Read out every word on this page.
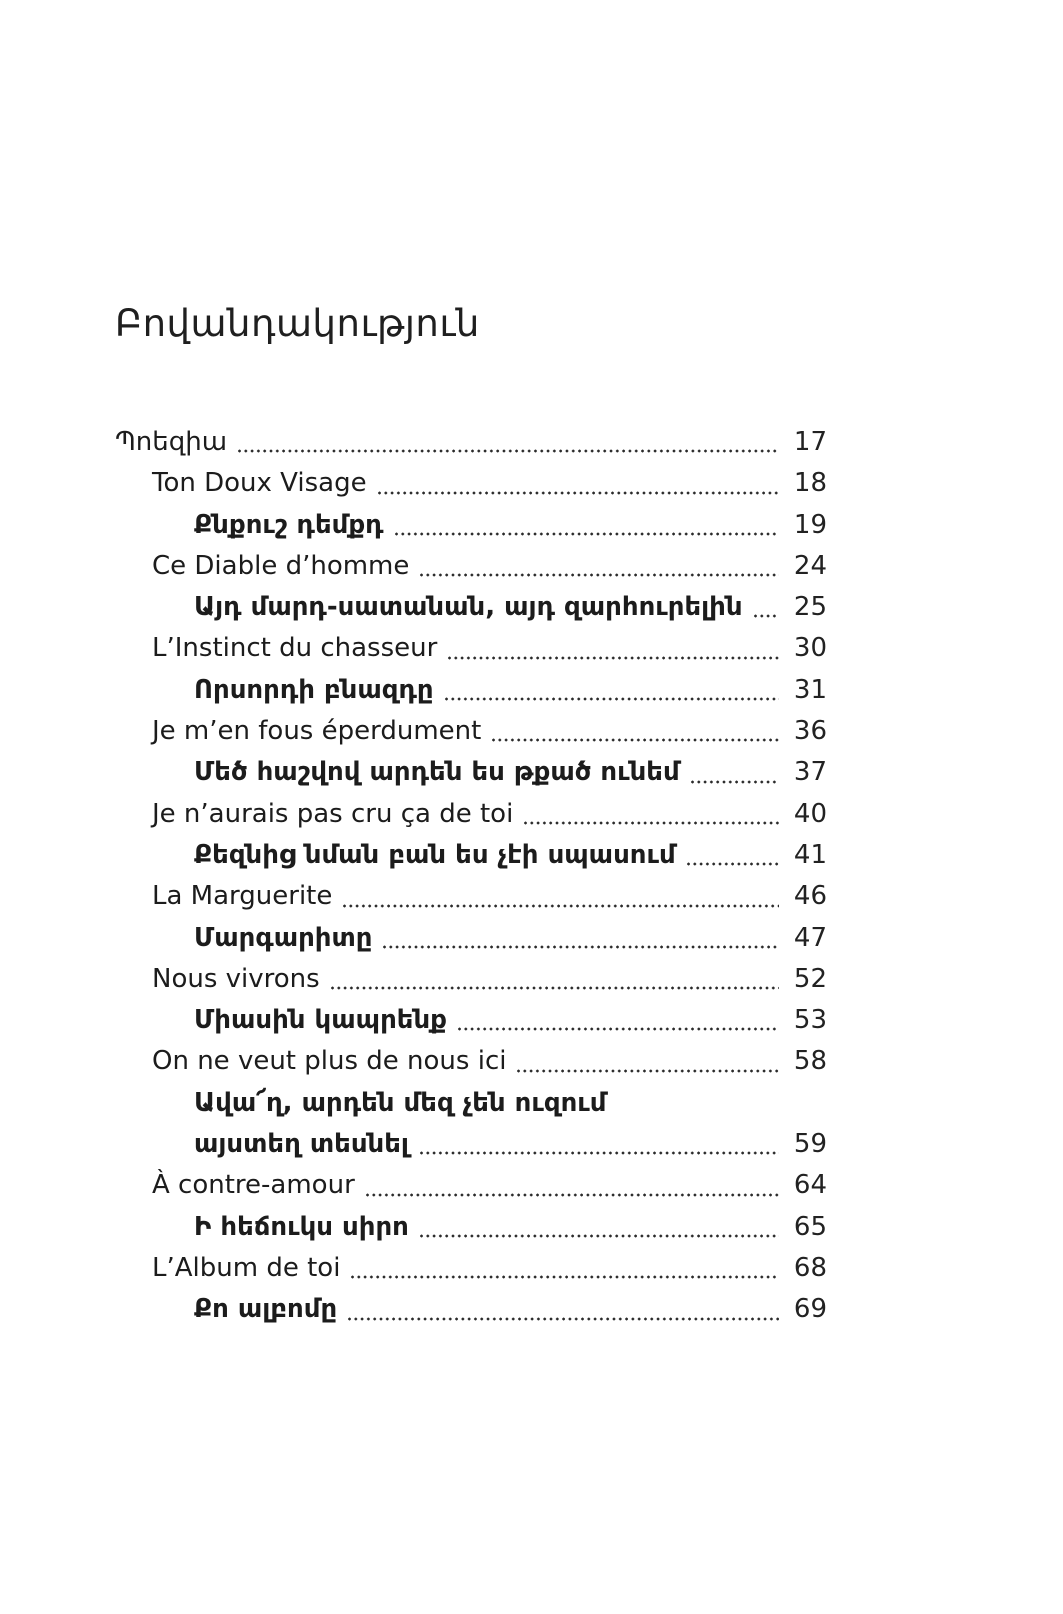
Բովանդակություն
Պոեզիա	17
Ton Doux Visage	18
Քնքուշ դեմքդ	19
Ce Diable d’homme	24
Այդ մարդ-սատանան, այդ զարհուրելին 25
L’Instinct du chasseur	30
Որսորդի բնազդը	31
Je m’en fous éperdument	36
Մեծ հաշվով արդեն ես թքած ունեմ	37
Je n’aurais pas cru ça de toi	40
Քեզնից նման բան ես չէի սպասում	41
La Marguerite	46
Մարգարիտը	47
Nous vivrons	52
Միասին կապրենք	53
On ne veut plus de nous ici	58
Ավա՜ղ, արդեն մեզ չեն ուզում
այստեղ տեսնել	59
À contre-amour	64
Ի հեճուկս սիրո	65
L’Album de toi	68
Քո ալբոմը	69
